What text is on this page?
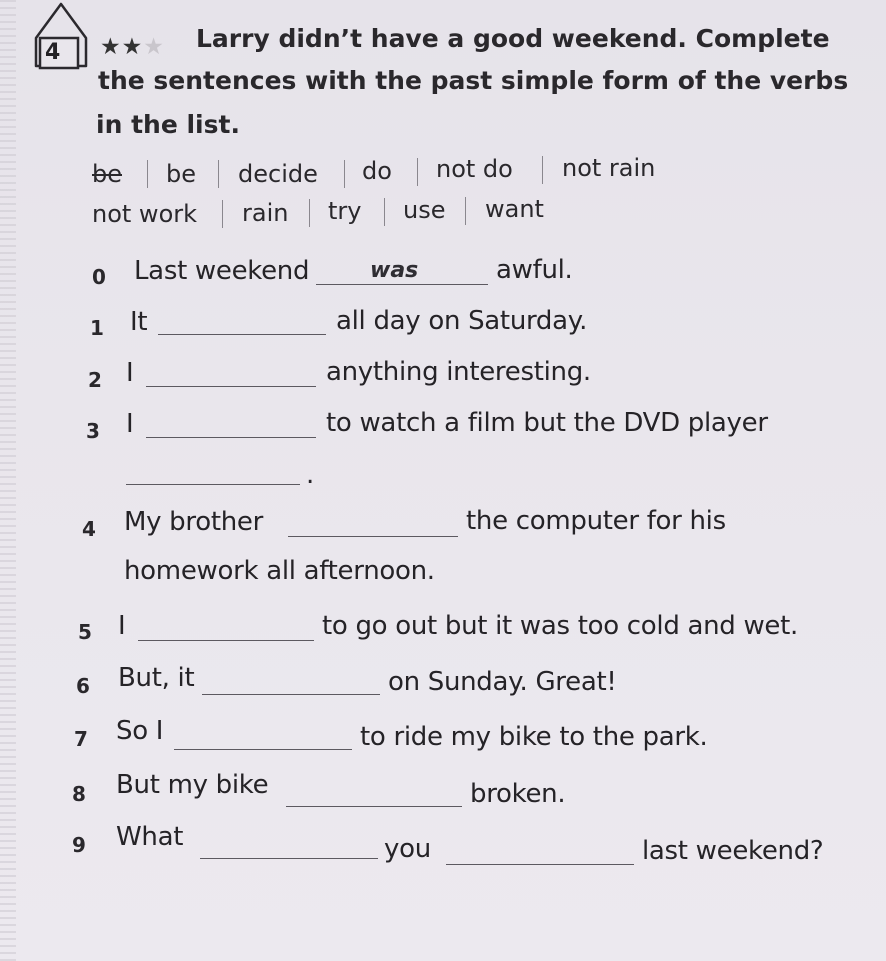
4 ★★★ Larry didn’t have a good weekend. Complete
the sentences with the past simple form of the verbs
in the list.
be be decide do not do not rain
not work rain try use want
0 Last weekend	was	awful.
1 It	all day on Saturday.
2 I	anything interesting.
3 I	to watch a film but the DVD player
.
4 My brother	the computer for his
homework all afternoon.
5 I	to go out but it was too cold and wet.
6 But, it	on Sunday. Great!
7 So I	to ride my bike to the park.
8 But my bike	broken.
9 What	you	last weekend?
